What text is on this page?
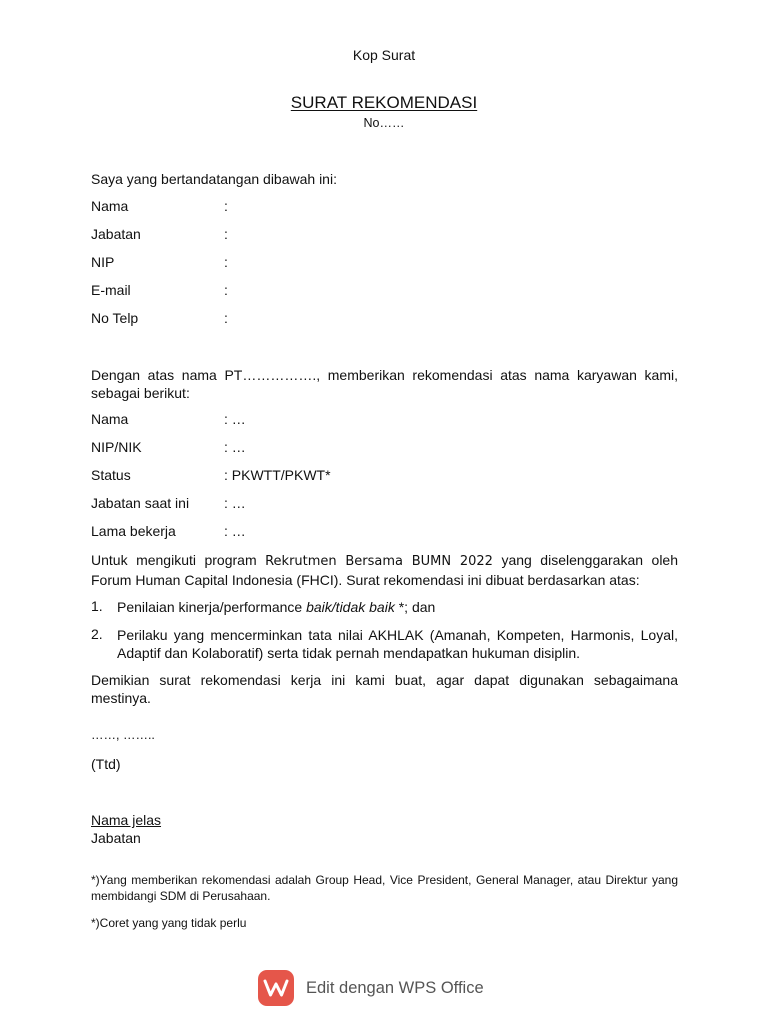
Kop Surat
SURAT REKOMENDASI
No……
Saya yang bertandatangan dibawah ini:
Nama	:
Jabatan	:
NIP	:
E-mail	:
No Telp	:
Dengan atas nama PT……………., memberikan rekomendasi atas nama karyawan kami, sebagai berikut:
Nama	: …
NIP/NIK	: …
Status	: PKWTT/PKWT*
Jabatan saat ini : …
Lama bekerja	: …
Untuk mengikuti program Rekrutmen Bersama BUMN 2022 yang diselenggarakan oleh Forum Human Capital Indonesia (FHCI). Surat rekomendasi ini dibuat berdasarkan atas:
1. Penilaian kinerja/performance baik/tidak baik *; dan
2. Perilaku yang mencerminkan tata nilai AKHLAK (Amanah, Kompeten, Harmonis, Loyal, Adaptif dan Kolaboratif) serta tidak pernah mendapatkan hukuman disiplin.
Demikian surat rekomendasi kerja ini kami buat, agar dapat digunakan sebagaimana mestinya.
……, ……..
(Ttd)
Nama jelas
Jabatan
*)Yang memberikan rekomendasi adalah Group Head, Vice President, General Manager, atau Direktur yang membidangi SDM di Perusahaan.
*)Coret yang yang tidak perlu
Edit dengan WPS Office
